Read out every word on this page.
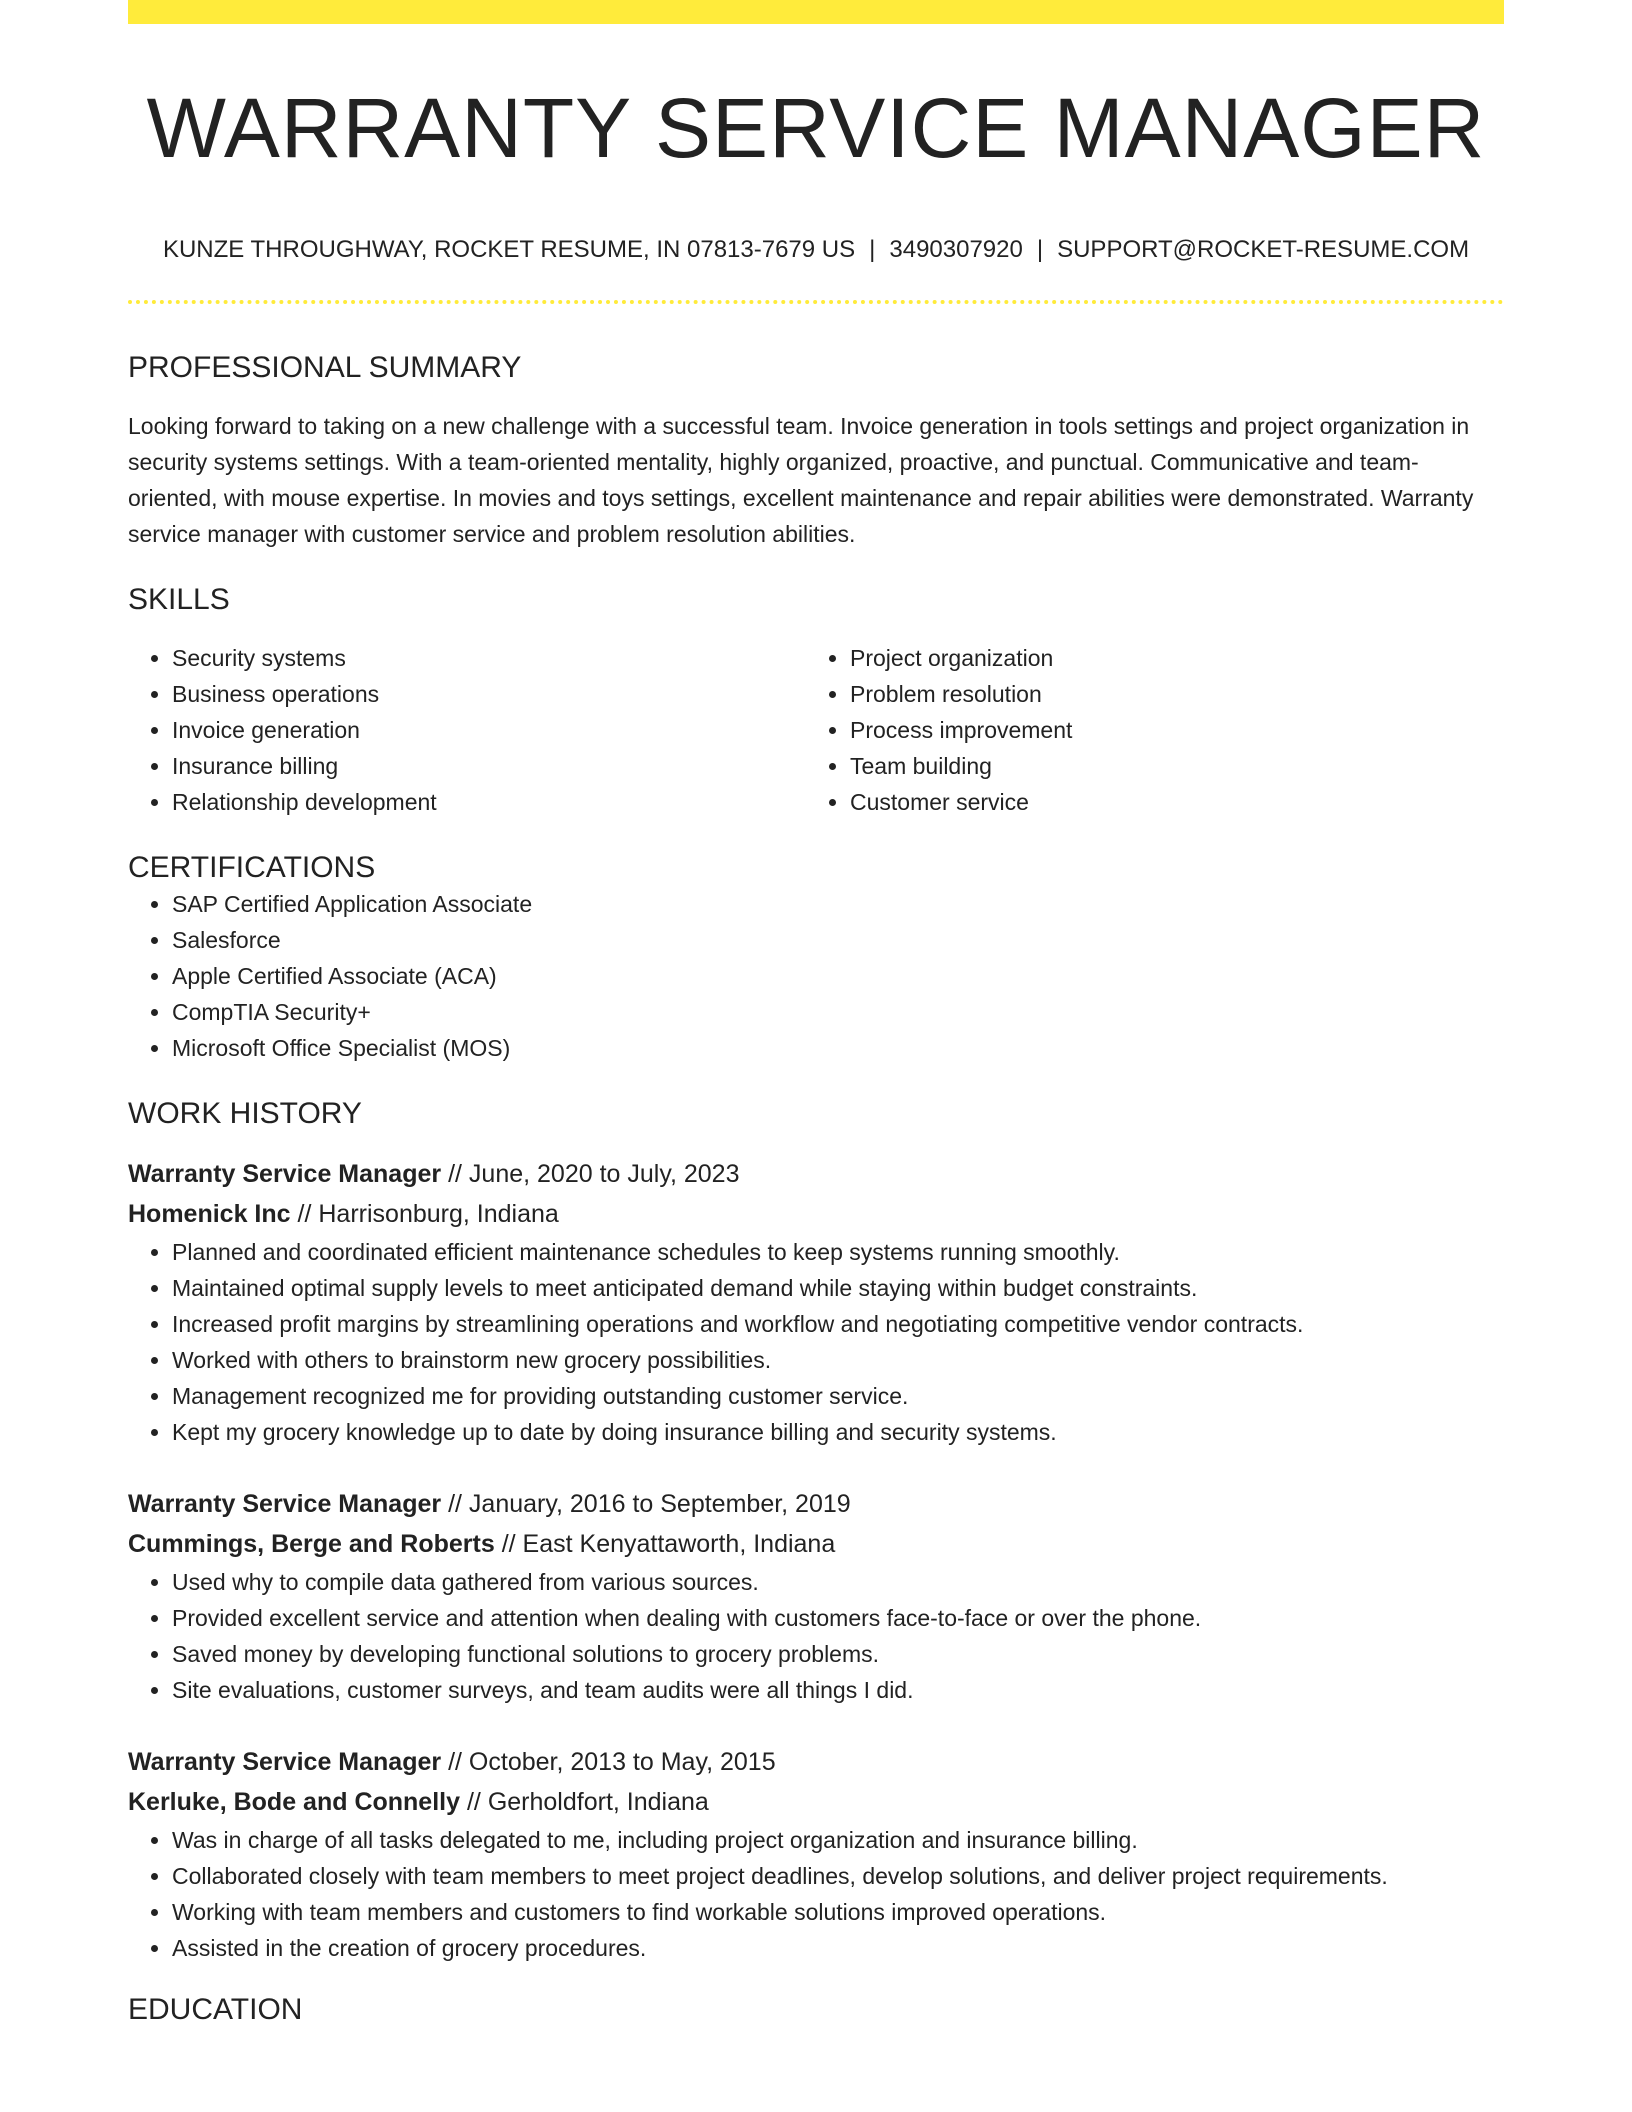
WARRANTY SERVICE MANAGER
KUNZE THROUGHWAY, ROCKET RESUME, IN 07813-7679 US | 3490307920 | SUPPORT@ROCKET-RESUME.COM
PROFESSIONAL SUMMARY

Looking forward to taking on a new challenge with a successful team. Invoice generation in tools settings and project organization in security systems settings. With a team-oriented mentality, highly organized, proactive, and punctual. Communicative and team-oriented, with mouse expertise. In movies and toys settings, excellent maintenance and repair abilities were demonstrated. Warranty service manager with customer service and problem resolution abilities.

SKILLS
• Security systems
• Business operations
• Invoice generation
• Insurance billing
• Relationship development
• Project organization
• Problem resolution
• Process improvement
• Team building
• Customer service
CERTIFICATIONS
• SAP Certified Application Associate
• Salesforce
• Apple Certified Associate (ACA)
• CompTIA Security+
• Microsoft Office Specialist (MOS)
WORK HISTORY
Warranty Service Manager // June, 2020 to July, 2023
Homenick Inc // Harrisonburg, Indiana
• Planned and coordinated efficient maintenance schedules to keep systems running smoothly.
• Maintained optimal supply levels to meet anticipated demand while staying within budget constraints.
• Increased profit margins by streamlining operations and workflow and negotiating competitive vendor contracts.
• Worked with others to brainstorm new grocery possibilities.
• Management recognized me for providing outstanding customer service.
• Kept my grocery knowledge up to date by doing insurance billing and security systems.
Warranty Service Manager // January, 2016 to September, 2019
Cummings, Berge and Roberts // East Kenyattaworth, Indiana
• Used why to compile data gathered from various sources.
• Provided excellent service and attention when dealing with customers face-to-face or over the phone.
• Saved money by developing functional solutions to grocery problems.
• Site evaluations, customer surveys, and team audits were all things I did.
Warranty Service Manager // October, 2013 to May, 2015
Kerluke, Bode and Connelly // Gerholdfort, Indiana
• Was in charge of all tasks delegated to me, including project organization and insurance billing.
• Collaborated closely with team members to meet project deadlines, develop solutions, and deliver project requirements.
• Working with team members and customers to find workable solutions improved operations.
• Assisted in the creation of grocery procedures.
EDUCATION
